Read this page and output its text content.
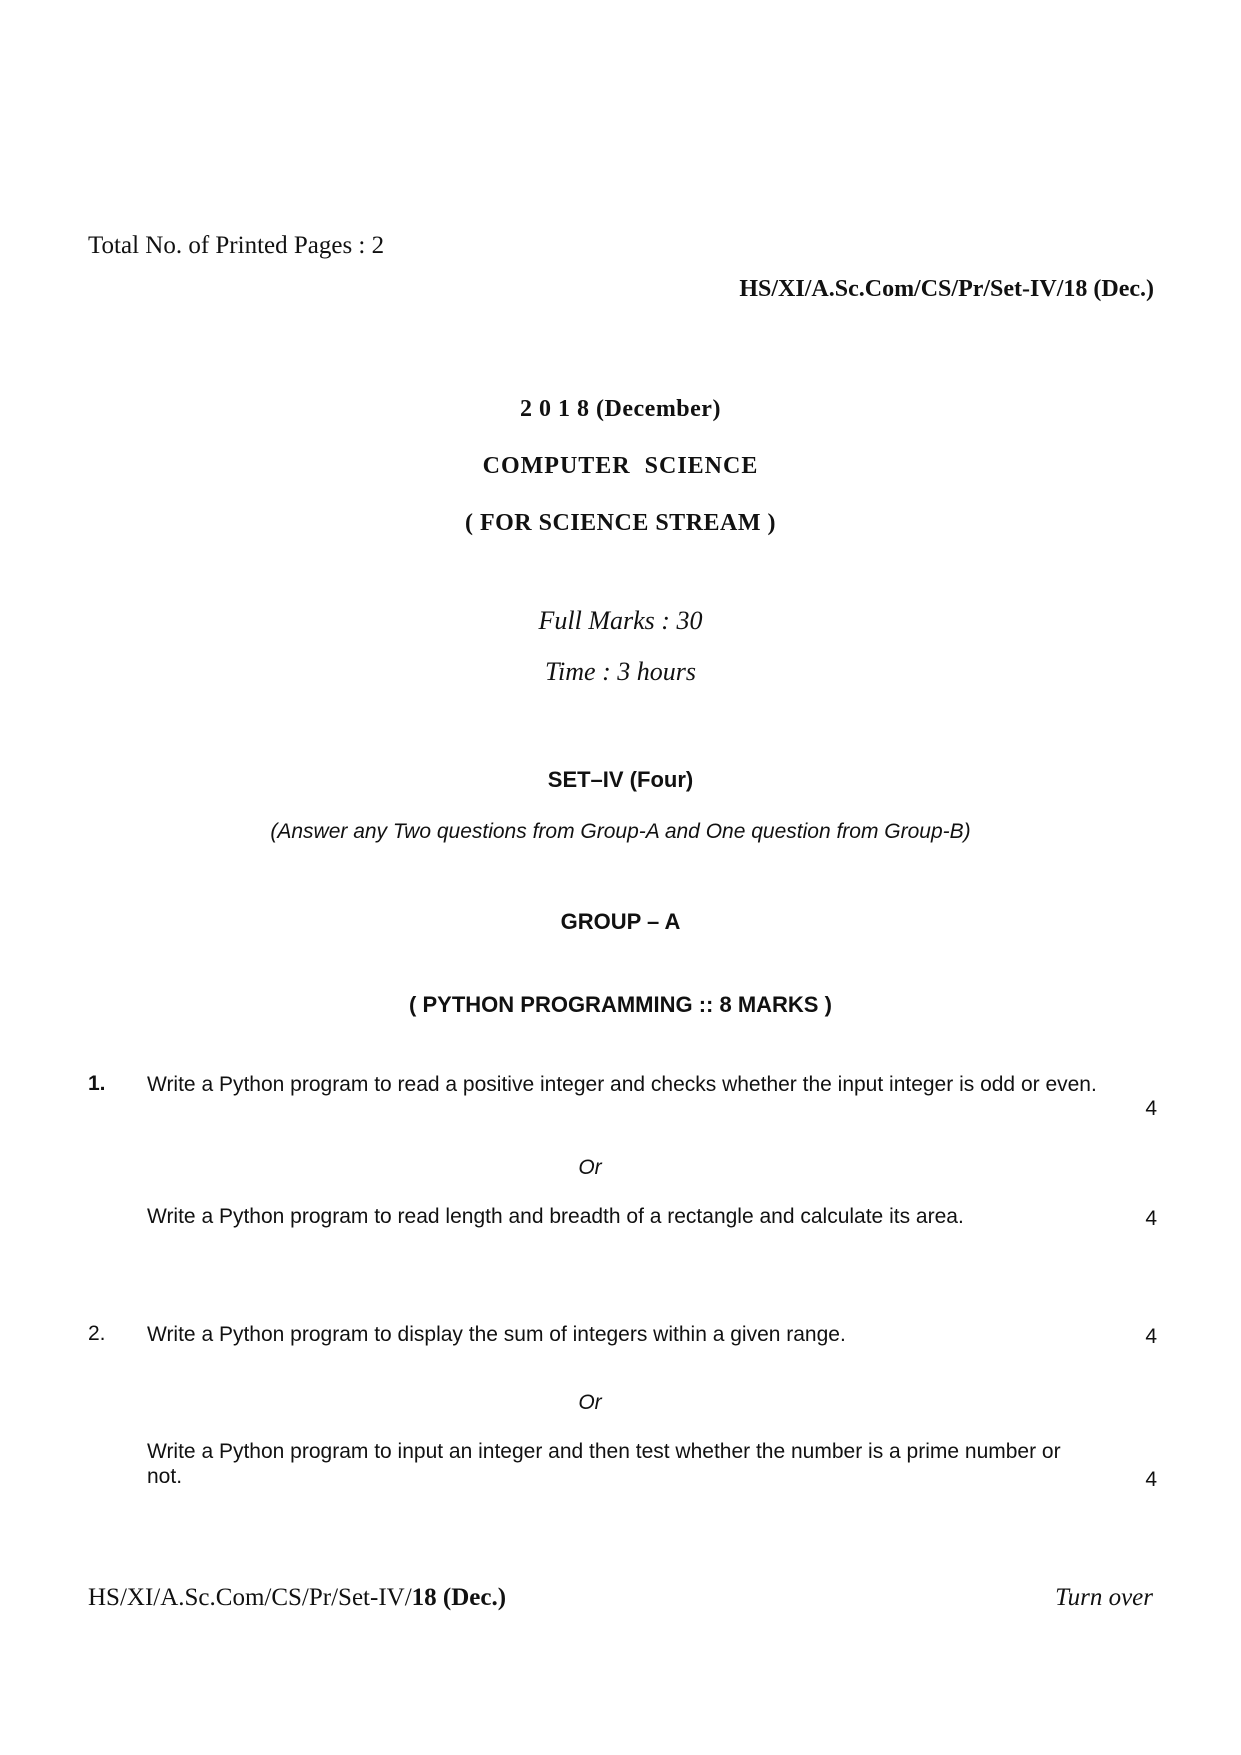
Total No. of Printed Pages : 2
HS/XI/A.Sc.Com/CS/Pr/Set-IV/18 (Dec.)
2 0 1 8 (December)
COMPUTER  SCIENCE
( FOR SCIENCE STREAM )
Full Marks : 30
Time : 3 hours
SET–IV (Four)
(Answer any Two questions from Group-A and One question from Group-B)
GROUP – A
( PYTHON PROGRAMMING :: 8 MARKS )
1. Write a Python program to read a positive integer and checks whether the input integer is odd or even.
4
Or
Write a Python program to read length and breadth of a rectangle and calculate its area.	4
2. Write a Python program to display the sum of integers within a given range.	4
Or
Write a Python program to input an integer and then test whether the number is a prime number or not.	4
HS/XI/A.Sc.Com/CS/Pr/Set-IV/18 (Dec.)	Turn over
